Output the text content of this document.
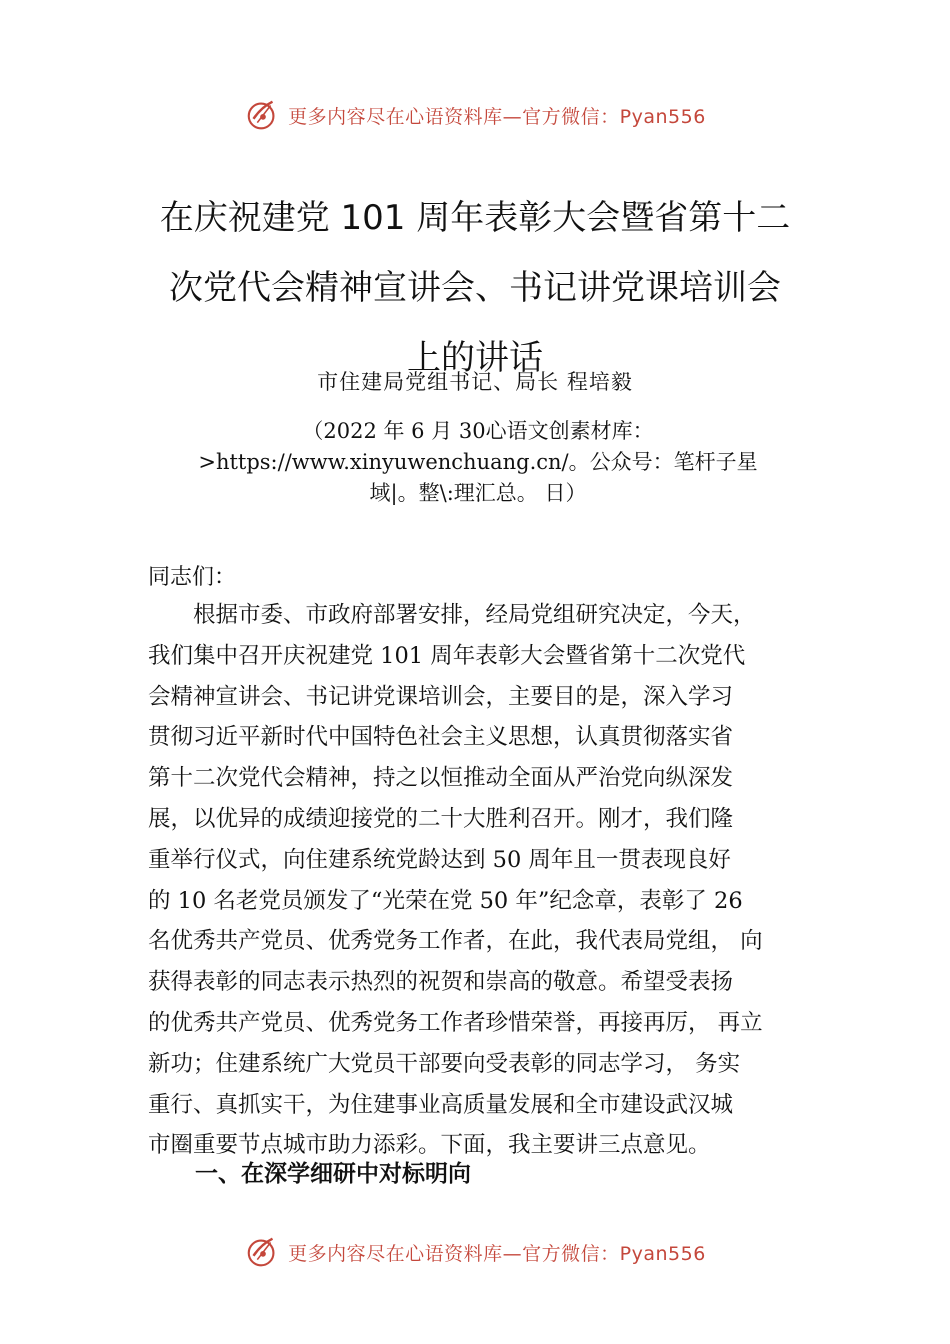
更多内容尽在心语资料库—官方微信：Pyan556
在庆祝建党 101 周年表彰大会暨省第十二
次党代会精神宣讲会、书记讲党课培训会
上的讲话
市住建局党组书记、局长 程培毅
（2022 年 6 月 30心语文创素材库：
>https://www.xinyuwenchuang.cn/。公众号：笔杆子星
域|。整\:理汇总。 日）
同志们：
　　根据市委、市政府部署安排，经局党组研究决定，今天，
我们集中召开庆祝建党 101 周年表彰大会暨省第十二次党代
会精神宣讲会、书记讲党课培训会，主要目的是，深入学习
贯彻习近平新时代中国特色社会主义思想，认真贯彻落实省
第十二次党代会精神，持之以恒推动全面从严治党向纵深发
展，以优异的成绩迎接党的二十大胜利召开。刚才，我们隆
重举行仪式，向住建系统党龄达到 50 周年且一贯表现良好
的 10 名老党员颁发了“光荣在党 50 年”纪念章，表彰了 26
名优秀共产党员、优秀党务工作者，在此，我代表局党组， 向
获得表彰的同志表示热烈的祝贺和崇高的敬意。希望受表扬
的优秀共产党员、优秀党务工作者珍惜荣誉，再接再厉， 再立
新功；住建系统广大党员干部要向受表彰的同志学习， 务实
重行、真抓实干，为住建事业高质量发展和全市建设武汉城
市圈重要节点城市助力添彩。下面，我主要讲三点意见。
一、在深学细研中对标明向
更多内容尽在心语资料库—官方微信：Pyan556
